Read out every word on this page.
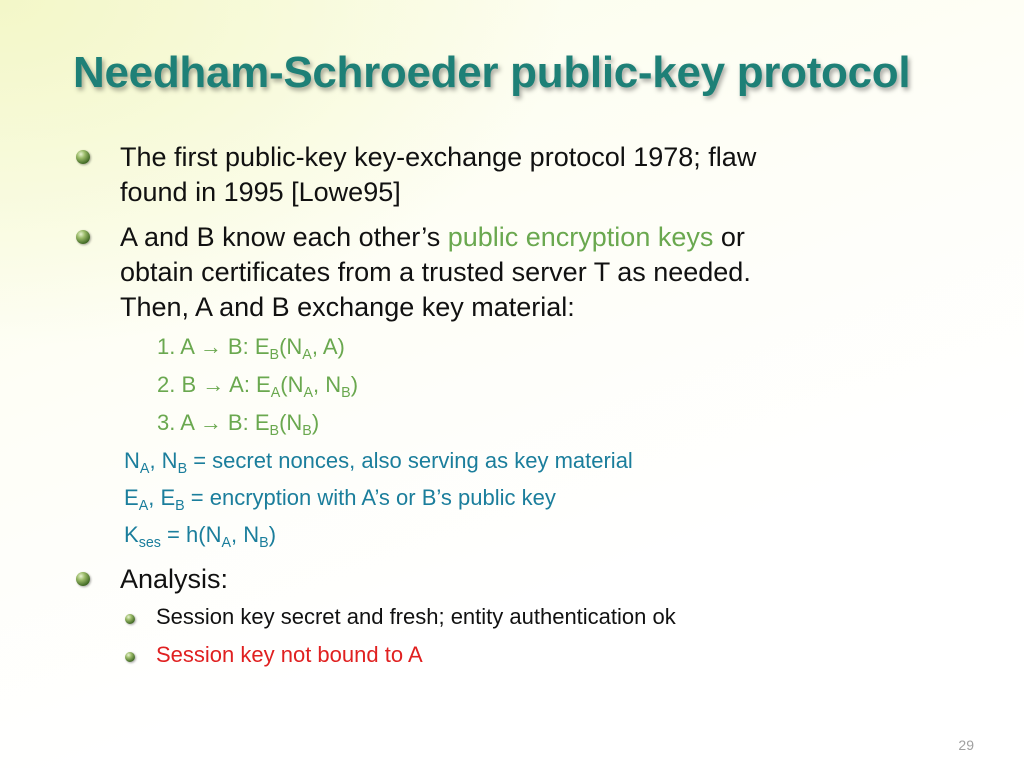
Needham-Schroeder public-key protocol
The first public-key key-exchange protocol 1978; flaw
found in 1995 [Lowe95]
A and B know each other’s public encryption keys or
obtain certificates from a trusted server T as needed.
Then, A and B exchange key material:
1. A → B: $E_B(N_A$, A)
2. B → A: $E_A(N_A$, $N_B$)
3. A → B: $E_B(N_B)$
$N_A$, $N_B$ = secret nonces, also serving as key material
$E_A$, $E_B$ = encryption with A’s or B’s public key
$K_{ses} = h(N_A$, $N_B$)
Analysis:
Session key secret and fresh; entity authentication ok
Session key not bound to A
29
